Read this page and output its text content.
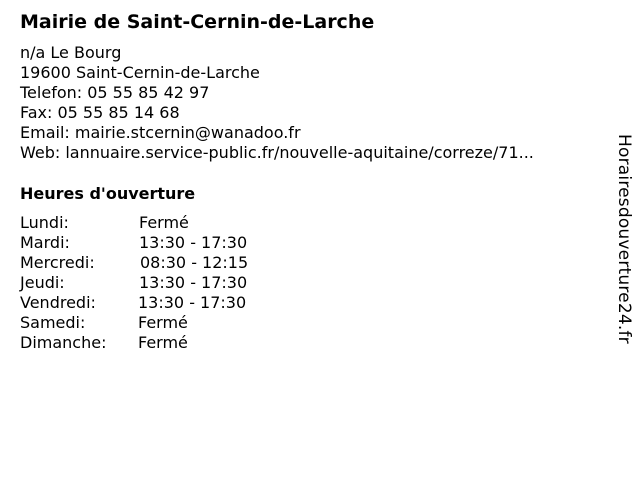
Mairie de Saint-Cernin-de-Larche
n/a Le Bourg
19600 Saint-Cernin-de-Larche
Telefon: 05 55 85 42 97
Fax: 05 55 85 14 68
Email: mairie.stcernin@wanadoo.fr
Web: lannuaire.service-public.fr/nouvelle-aquitaine/correze/71...
Heures d'ouverture
Lundi:	Fermé
Mardi:	13:30 - 17:30
Mercredi:	08:30 - 12:15
Jeudi:	13:30 - 17:30
Vendredi:	13:30 - 17:30
Samedi:	Fermé
Dimanche: Fermé	Horairesdouverture24.fr
